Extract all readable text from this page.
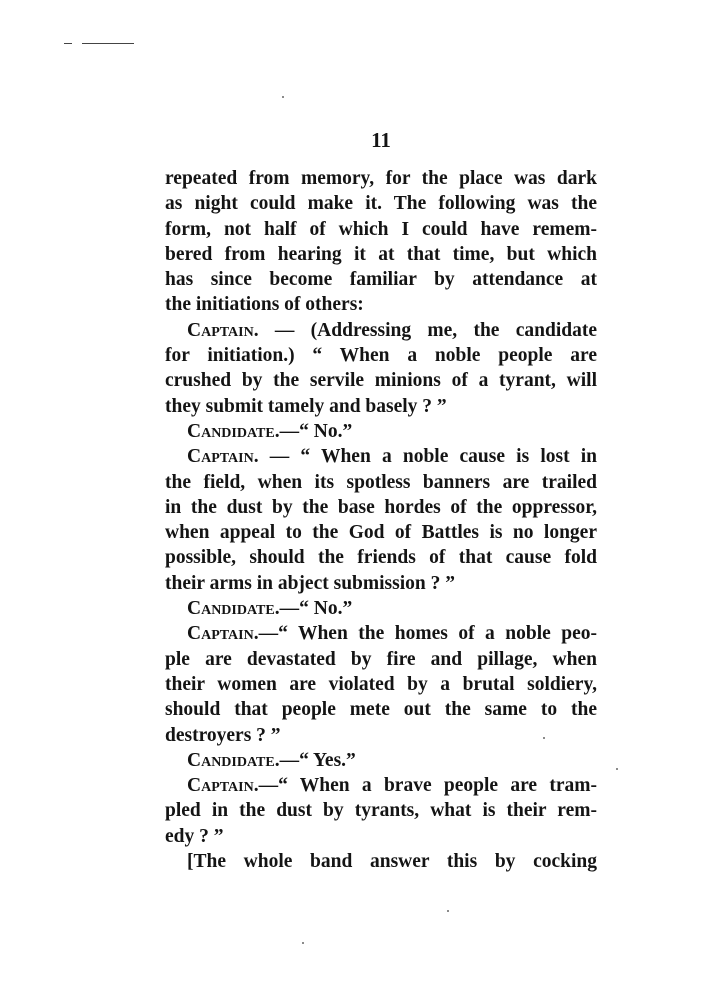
11
repeated from memory, for the place was dark
as night could make it. The following was the
form, not half of which I could have remem-
bered from hearing it at that time, but which
has since become familiar by attendance at
the initiations of others:
Captain. — (Addressing me, the candidate
for initiation.) “ When a noble people are
crushed by the servile minions of a tyrant, will
they submit tamely and basely ? ”
Candidate.—“ No.”
Captain. — “ When a noble cause is lost in
the field, when its spotless banners are trailed
in the dust by the base hordes of the oppressor,
when appeal to the God of Battles is no longer
possible, should the friends of that cause fold
their arms in abject submission ? ”
Candidate.—“ No.”
Captain.—“ When the homes of a noble peo-
ple are devastated by fire and pillage, when
their women are violated by a brutal soldiery,
should that people mete out the same to the
destroyers ? ”
Candidate.—“ Yes.”
Captain.—“ When a brave people are tram-
pled in the dust by tyrants, what is their rem-
edy ? ”
[The whole band answer this by cocking
